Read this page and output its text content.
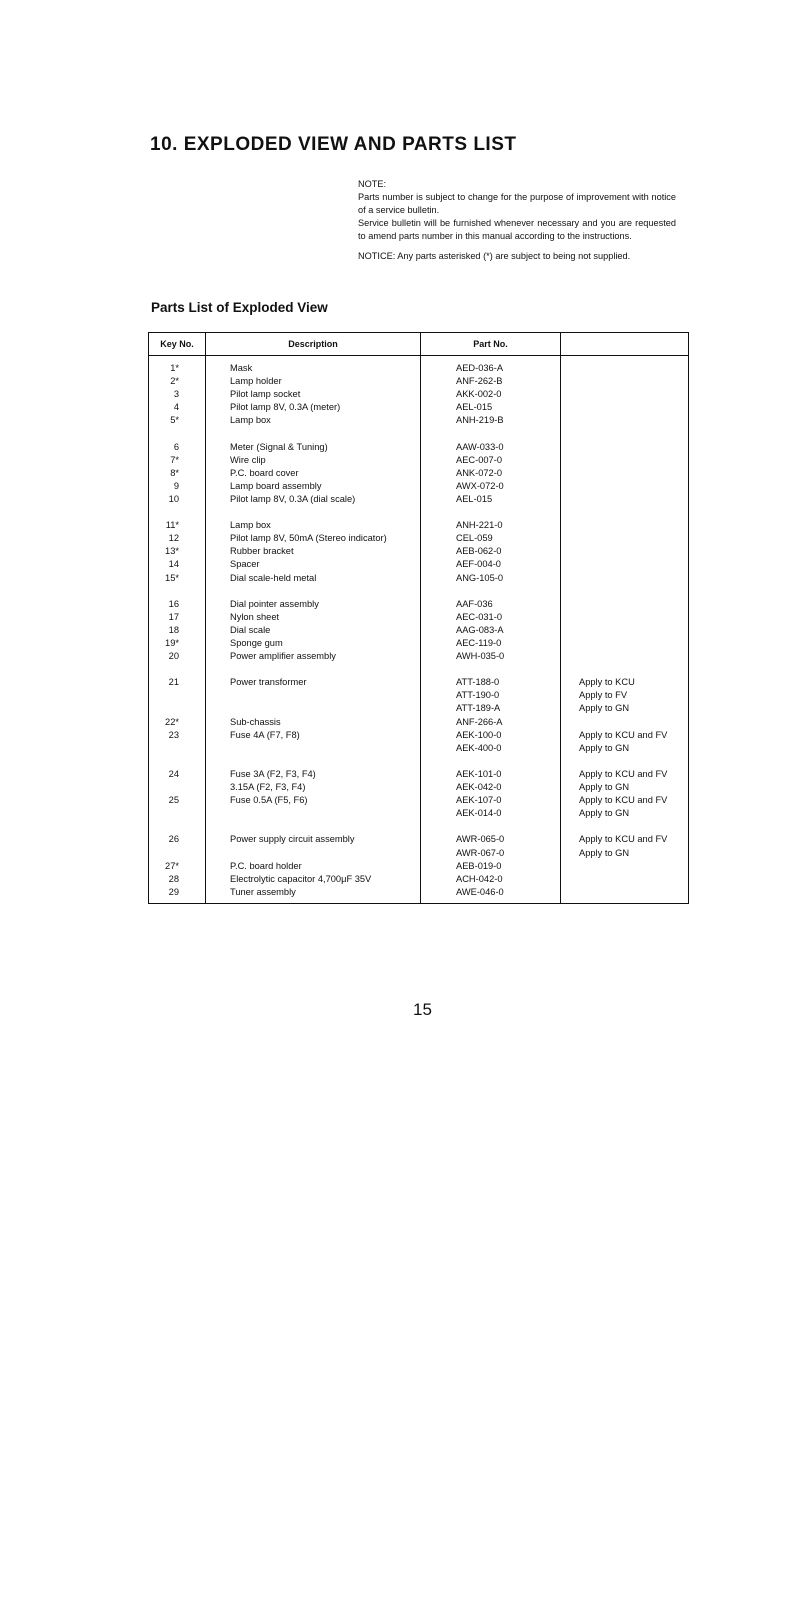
10. EXPLODED VIEW AND PARTS LIST

NOTE:

Parts number is subject to change for the purpose of improvement with notice of a service bulletin.

Service bulletin will be furnished whenever necessary and you are requested to amend parts number in this manual according to the instructions.

NOTICE: Any parts asterisked (*) are subject to being not supplied.

Parts List of Exploded View
Key No.	Description	Part No.	
1*	Mask	AED-036-A	
2*	Lamp holder	ANF-262-B	
3	Pilot lamp socket	AKK-002-0	
4	Pilot lamp 8V, 0.3A (meter)	AEL-015	
5*	Lamp box	ANH-219-B	

6	Meter (Signal & Tuning)	AAW-033-0	
7*	Wire clip	AEC-007-0	
8*	P.C. board cover	ANK-072-0	
9	Lamp board assembly	AWX-072-0	
10	Pilot lamp 8V, 0.3A (dial scale)	AEL-015	

11*	Lamp box	ANH-221-0	
12	Pilot lamp 8V, 50mA (Stereo indicator)	CEL-059	
13*	Rubber bracket	AEB-062-0	
14	Spacer	AEF-004-0	
15*	Dial scale-held metal	ANG-105-0	

16	Dial pointer assembly	AAF-036	
17	Nylon sheet	AEC-031-0	
18	Dial scale	AAG-083-A	
19*	Sponge gum	AEC-119-0	
20	Power amplifier assembly	AWH-035-0	

21	Power transformer	ATT-188-0	Apply to KCU
		ATT-190-0	Apply to FV
		ATT-189-A	Apply to GN
22*	Sub-chassis	ANF-266-A	
23	Fuse 4A (F7, F8)	AEK-100-0	Apply to KCU and FV
		AEK-400-0	Apply to GN

24	Fuse 3A (F2, F3, F4)	AEK-101-0	Apply to KCU and FV
	3.15A (F2, F3, F4)	AEK-042-0	Apply to GN
25	Fuse 0.5A (F5, F6)	AEK-107-0	Apply to KCU and FV
		AEK-014-0	Apply to GN

26	Power supply circuit assembly	AWR-065-0	Apply to KCU and FV
		AWR-067-0	Apply to GN
27*	P.C. board holder	AEB-019-0	
28	Electrolytic capacitor 4,700μF 35V	ACH-042-0	
29	Tuner assembly	AWE-046-0	

15
